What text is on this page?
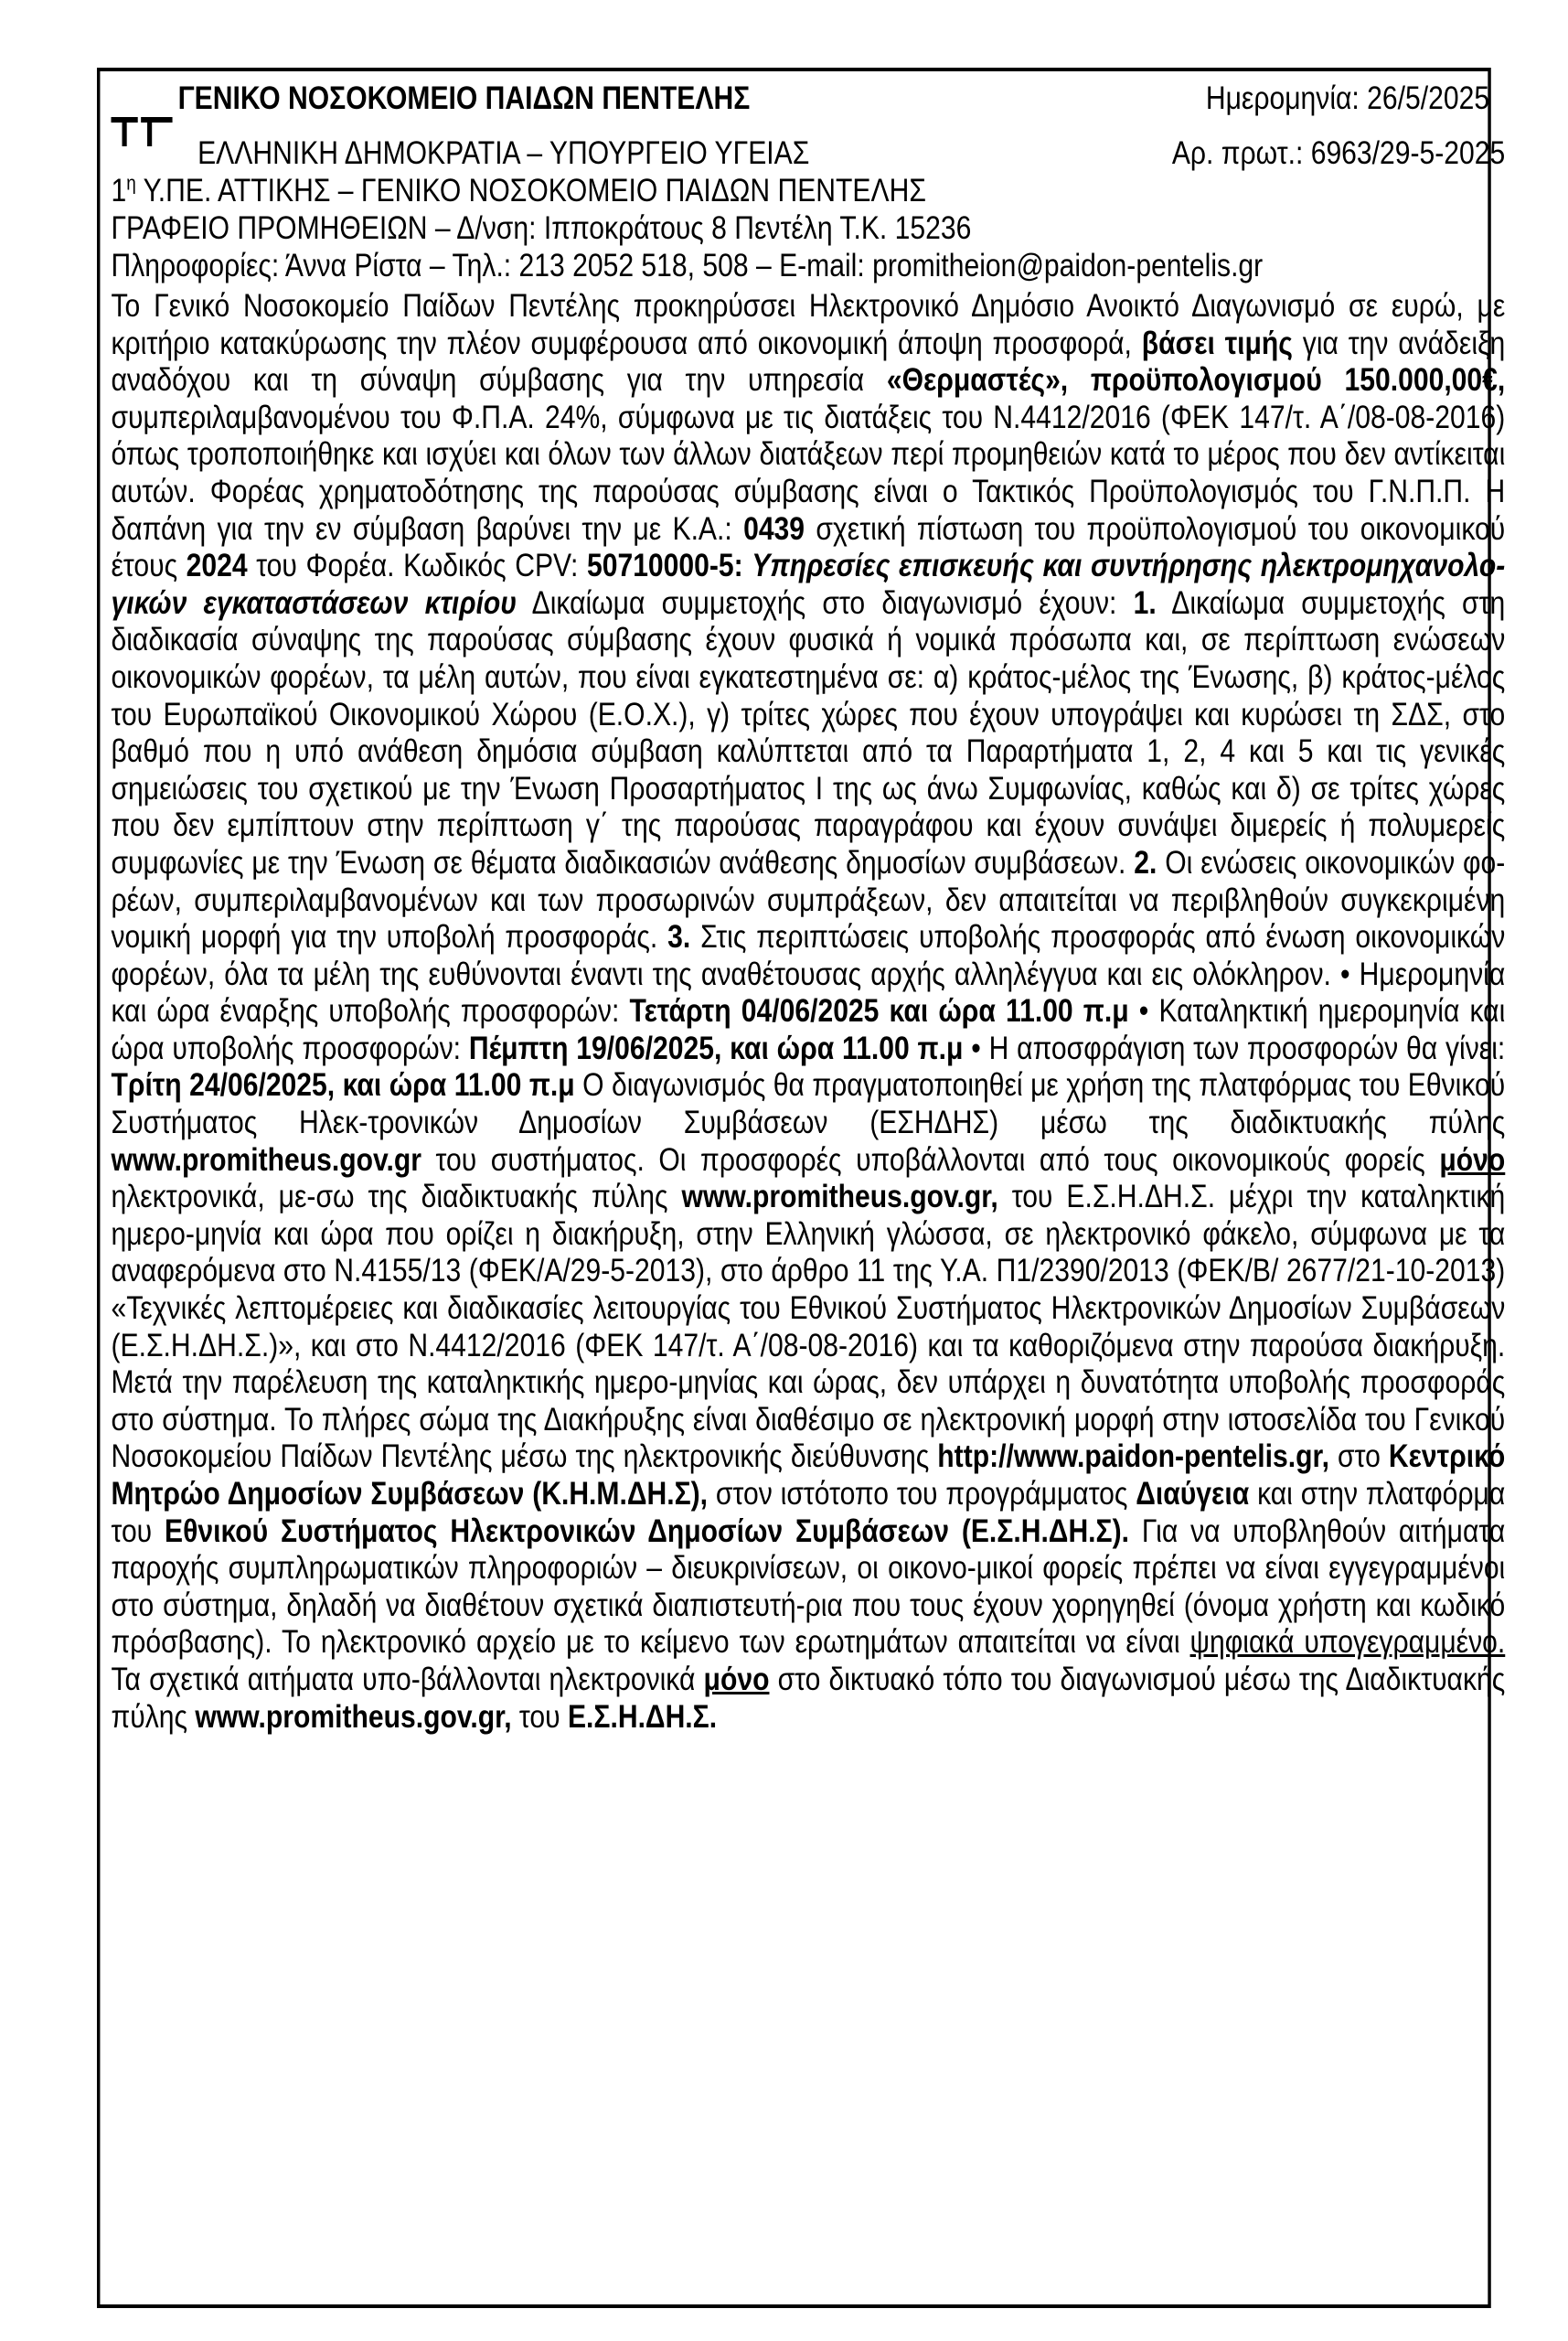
ΓΕΝΙΚΟ ΝΟΣΟΚΟΜΕΙΟ ΠΑΙΔΩΝ ΠΕΝΤΕΛΗΣ	Ημερομηνία: 26/5/2025
ΕΛΛΗΝΙΚΗ ΔΗΜΟΚΡΑΤΙΑ – ΥΠΟΥΡΓΕΙΟ ΥΓΕΙΑΣ	Αρ. πρωτ.: 6963/29-5-2025
$1^\eta$ Υ.ΠΕ. ΑΤΤΙΚΗΣ – ΓΕΝΙΚΟ ΝΟΣΟΚΟΜΕΙΟ ΠΑΙΔΩΝ ΠΕΝΤΕΛΗΣ
ΓΡΑΦΕΙΟ ΠΡΟΜΗΘΕΙΩΝ – Δ/νση: Ιπποκράτους 8 Πεντέλη Τ.Κ. 15236
Πληροφορίες: Άννα Ρίστα – Τηλ.: 213 2052 518, 508 – E-mail: promitheion@paidon-pentelis.gr
Το Γενικό Νοσοκομείο Παίδων Πεντέλης προκηρύσσει Ηλεκτρονικό Δημόσιο Ανοικτό Διαγωνισμό σε ευρώ, με κριτήριο κατακύρωσης την πλέον συμφέρουσα από οικονομική άποψη προσφορά, βάσει τιμής για την ανάδειξη αναδόχου και τη σύναψη σύμβασης για την υπηρεσία «Θερμαστές», προϋπολογισμού 150.000,00€, συμπεριλαμβανομένου του Φ.Π.Α. 24%, σύμφωνα με τις διατάξεις του Ν.4412/2016 (ΦΕΚ 147/τ. Α΄/08-08-2016) όπως τροποποιήθηκε και ισχύει και όλων των άλλων διατάξεων περί προμηθειών κατά το μέρος που δεν αντίκειται αυτών. Φορέας χρηματοδότησης της παρούσας σύμβασης είναι ο Τακτικός Προϋπολογισμός του Γ.Ν.Π.Π. Η δαπάνη για την εν σύμβαση βαρύνει την με Κ.Α.: 0439 σχετική πίστωση του προϋπολογισμού του οικονομικού έτους 2024 του Φορέα. Κωδικός CPV: 50710000-5: Υπηρεσίες επισκευής και συντήρησης ηλεκτρομηχανολογικών εγκαταστάσεων κτιρίου Δικαίωμα συμμετοχής στο διαγωνισμό έχουν: 1. Δικαίωμα συμμετοχής στη διαδικασία σύναψης της παρούσας σύμβασης έχουν φυσικά ή νομικά πρόσωπα και, σε περίπτωση ενώσεων οικονομικών φορέων, τα μέλη αυτών, που είναι εγκατεστημένα σε: α) κράτος-μέλος της Ένωσης, β) κράτος-μέλος του Ευρωπαϊκού Οικονομικού Χώρου (Ε.Ο.Χ.), γ) τρίτες χώρες που έχουν υπογράψει και κυρώσει τη ΣΔΣ, στο βαθμό που η υπό ανάθεση δημόσια σύμβαση καλύπτεται από τα Παραρτήματα 1, 2, 4 και 5 και τις γενικές σημειώσεις του σχετικού με την Ένωση Προσαρτήματος Ι της ως άνω Συμφωνίας, καθώς και δ) σε τρίτες χώρες που δεν εμπίπτουν στην περίπτωση γ΄ της παρούσας παραγράφου και έχουν συνάψει διμερείς ή πολυμερείς συμφωνίες με την Ένωση σε θέματα διαδικασιών ανάθεσης δημοσίων συμβάσεων. 2. Οι ενώσεις οικονομικών φορέων, συμπεριλαμβανομένων και των προσωρινών συμπράξεων, δεν απαιτείται να περιβληθούν συγκεκριμένη νομική μορφή για την υποβολή προσφοράς. 3. Στις περιπτώσεις υποβολής προσφοράς από ένωση οικονομικών φορέων, όλα τα μέλη της ευθύνονται έναντι της αναθέτουσας αρχής αλληλέγγυα και εις ολόκληρον. • Ημερομηνία και ώρα έναρξης υποβολής προσφορών: Τετάρτη 04/06/2025 και ώρα 11.00 π.μ • Καταληκτική ημερομηνία και ώρα υποβολής προσφορών: Πέμπτη 19/06/2025, και ώρα 11.00 π.μ • Η αποσφράγιση των προσφορών θα γίνει: Τρίτη 24/06/2025, και ώρα 11.00 π.μ Ο διαγωνισμός θα πραγματοποιηθεί με χρήση της πλατφόρμας του Εθνικού Συστήματος Ηλεκ-τρονικών Δημοσίων Συμβάσεων (ΕΣΗΔΗΣ) μέσω της διαδικτυακής πύλης www.promitheus.gov.gr του συστήματος. Οι προσφορές υποβάλλονται από τους οικονομικούς φορείς μόνο ηλεκτρονικά, με-σω της διαδικτυακής πύλης www.promitheus.gov.gr, του Ε.Σ.Η.ΔΗ.Σ. μέχρι την καταληκτική ημερο-μηνία και ώρα που ορίζει η διακήρυξη, στην Ελληνική γλώσσα, σε ηλεκτρονικό φάκελο, σύμφωνα με τα αναφερόμενα στο Ν.4155/13 (ΦΕΚ/Α/29-5-2013), στο άρθρο 11 της Υ.Α. Π1/2390/2013 (ΦΕΚ/Β/ 2677/21-10-2013) «Τεχνικές λεπτομέρειες και διαδικασίες λειτουργίας του Εθνικού Συστήματος Ηλεκτρονικών Δημοσίων Συμβάσεων (Ε.Σ.Η.ΔΗ.Σ.)», και στο Ν.4412/2016 (ΦΕΚ 147/τ. Α΄/08-08-2016) και τα καθοριζόμενα στην παρούσα διακήρυξη. Μετά την παρέλευση της καταληκτικής ημερο-μηνίας και ώρας, δεν υπάρχει η δυνατότητα υποβολής προσφοράς στο σύστημα. Το πλήρες σώμα της Διακήρυξης είναι διαθέσιμο σε ηλεκτρονική μορφή στην ιστοσελίδα του Γενικού Νοσοκομείου Παίδων Πεντέλης μέσω της ηλεκτρονικής διεύθυνσης http://www.paidon-pentelis.gr, στο Κεντρικό Μητρώο Δημοσίων Συμβάσεων (Κ.Η.Μ.ΔΗ.Σ), στον ιστότοπο του προγράμματος Διαύγεια και στην πλατφόρμα του Εθνικού Συστήματος Ηλεκτρονικών Δημοσίων Συμβάσεων (Ε.Σ.Η.ΔΗ.Σ). Για να υποβληθούν αιτήματα παροχής συμπληρωματικών πληροφοριών – διευκρινίσεων, οι οικονο-μικοί φορείς πρέπει να είναι εγγεγραμμένοι στο σύστημα, δηλαδή να διαθέτουν σχετικά διαπιστευτή-ρια που τους έχουν χορηγηθεί (όνομα χρήστη και κωδικό πρόσβασης). Το ηλεκτρονικό αρχείο με το κείμενο των ερωτημάτων απαιτείται να είναι ψηφιακά υπογεγραμμένο. Τα σχετικά αιτήματα υπο-βάλλονται ηλεκτρονικά μόνο στο δικτυακό τόπο του διαγωνισμού μέσω της Διαδικτυακής πύλης www.promitheus.gov.gr, του Ε.Σ.Η.ΔΗ.Σ.
